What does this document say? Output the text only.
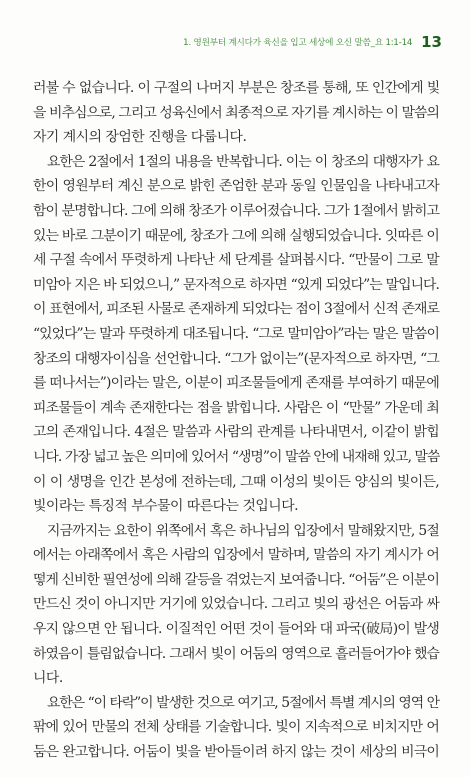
1. 영원부터 계시다가 육신을 입고 세상에 오신 말씀_요 1:1-14 13
러불 수 없습니다. 이 구절의 나머지 부분은 창조를 통해, 또 인간에게 빛
을 비추심으로, 그리고 성육신에서 최종적으로 자기를 계시하는 이 말씀의
자기 계시의 장엄한 진행을 다룹니다.
요한은 2절에서 1절의 내용을 반복합니다. 이는 이 창조의 대행자가 요
한이 영원부터 계신 분으로 밝힌 존엄한 분과 동일 인물임을 나타내고자
함이 분명합니다. 그에 의해 창조가 이루어졌습니다. 그가 1절에서 밝히고
있는 바로 그분이기 때문에, 창조가 그에 의해 실행되었습니다. 잇따른 이
세 구절 속에서 뚜렷하게 나타난 세 단계를 살펴봅시다. “만물이 그로 말
미암아 지은 바 되었으니,” 문자적으로 하자면 “있게 되었다”는 말입니다.
이 표현에서, 피조된 사물로 존재하게 되었다는 점이 3절에서 신적 존재로
“있었다”는 말과 뚜렷하게 대조됩니다. “그로 말미암아”라는 말은 말씀이
창조의 대행자이심을 선언합니다. “그가 없이는”(문자적으로 하자면, “그
를 떠나서는”)이라는 말은, 이분이 피조물들에게 존재를 부여하기 때문에
피조물들이 계속 존재한다는 점을 밝힙니다. 사람은 이 “만물” 가운데 최
고의 존재입니다. 4절은 말씀과 사람의 관계를 나타내면서, 이같이 밝힙
니다. 가장 넓고 높은 의미에 있어서 “생명”이 말씀 안에 내재해 있고, 말씀
이 이 생명을 인간 본성에 전하는데, 그때 이성의 빛이든 양심의 빛이든,
빛이라는 특징적 부수물이 따른다는 것입니다.
지금까지는 요한이 위쪽에서 혹은 하나님의 입장에서 말해왔지만, 5절
에서는 아래쪽에서 혹은 사람의 입장에서 말하며, 말씀의 자기 계시가 어
떻게 신비한 필연성에 의해 갈등을 겪었는지 보여줍니다. “어둠”은 이분이
만드신 것이 아니지만 거기에 있었습니다. 그리고 빛의 광선은 어둠과 싸
우지 않으면 안 됩니다. 이질적인 어떤 것이 들어와 대 파국(破局)이 발생
하였음이 틀림없습니다. 그래서 빛이 어둠의 영역으로 흘러들어가야 했습
니다.
요한은 “이 타락”이 발생한 것으로 여기고, 5절에서 특별 계시의 영역 안
팎에 있어 만물의 전체 상태를 기술합니다. 빛이 지속적으로 비치지만 어
둠은 완고합니다. 어둠이 빛을 받아들이려 하지 않는 것이 세상의 비극이
